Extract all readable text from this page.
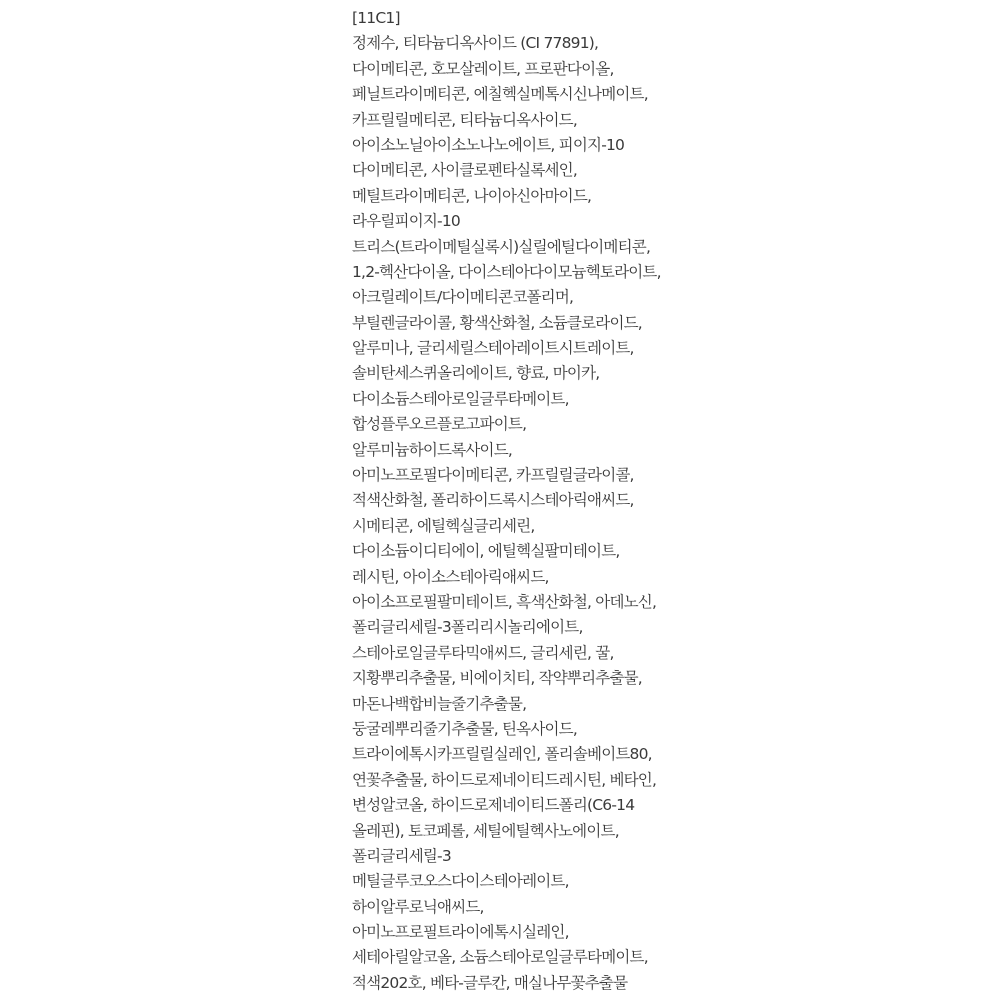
[11C1]
정제수, 티타늄디옥사이드 (CI 77891),
다이메티콘, 호모살레이트, 프로판다이올,
페닐트라이메티콘, 에칠헥실메톡시신나메이트,
카프릴릴메티콘, 티타늄디옥사이드,
아이소노닐아이소노나노에이트, 피이지-10
다이메티콘, 사이클로펜타실록세인,
메틸트라이메티콘, 나이아신아마이드,
라우릴피이지-10
트리스(트라이메틸실록시)실릴에틸다이메티콘,
1,2-헥산다이올, 다이스테아다이모늄헥토라이트,
아크릴레이트/다이메티콘코폴리머,
부틸렌글라이콜, 황색산화철, 소듐클로라이드,
알루미나, 글리세릴스테아레이트시트레이트,
솔비탄세스퀴올리에이트, 향료, 마이카,
다이소듐스테아로일글루타메이트,
합성플루오르플로고파이트,
알루미늄하이드록사이드,
아미노프로필다이메티콘, 카프릴릴글라이콜,
적색산화철, 폴리하이드록시스테아릭애씨드,
시메티콘, 에틸헥실글리세린,
다이소듐이디티에이, 에틸헥실팔미테이트,
레시틴, 아이소스테아릭애씨드,
아이소프로필팔미테이트, 흑색산화철, 아데노신,
폴리글리세릴-3폴리리시놀리에이트,
스테아로일글루타믹애씨드, 글리세린, 꿀,
지황뿌리추출물, 비에이치티, 작약뿌리추출물,
마돈나백합비늘줄기추출물,
둥굴레뿌리줄기추출물, 틴옥사이드,
트라이에톡시카프릴릴실레인, 폴리솔베이트80,
연꽃추출물, 하이드로제네이티드레시틴, 베타인,
변성알코올, 하이드로제네이티드폴리(C6-14
올레핀), 토코페롤, 세틸에틸헥사노에이트,
폴리글리세릴-3
메틸글루코오스다이스테아레이트,
하이알루로닉애씨드,
아미노프로필트라이에톡시실레인,
세테아릴알코올, 소듐스테아로일글루타메이트,
적색202호, 베타-글루칸, 매실나무꽃추출물
